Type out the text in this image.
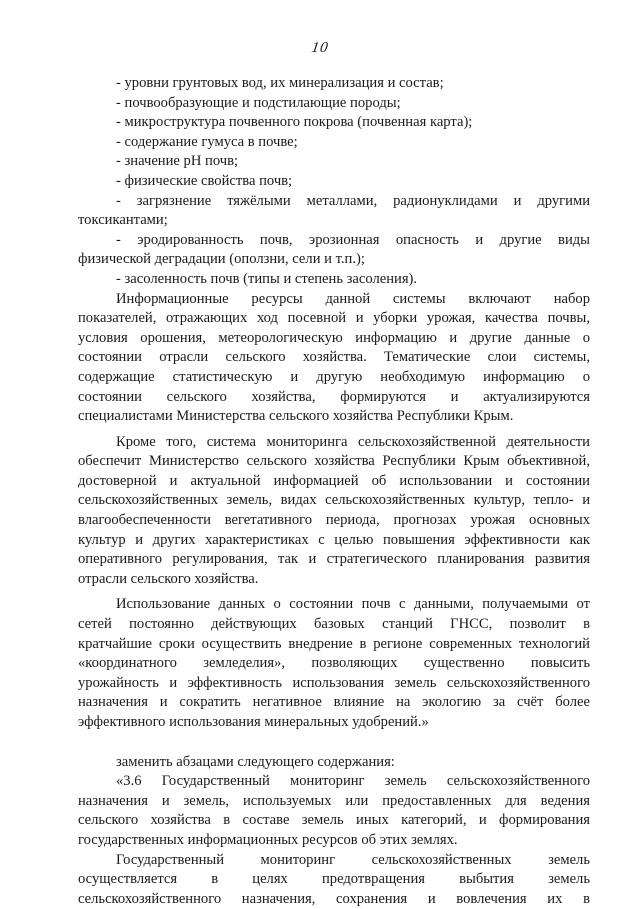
10
- уровни грунтовых вод, их минерализация и состав;
- почвообразующие и подстилающие породы;
- микроструктура почвенного покрова (почвенная карта);
- содержание гумуса в почве;
- значение pH почв;
- физические свойства почв;
- загрязнение тяжёлыми металлами, радионуклидами и другими
токсикантами;
- эродированность почв, эрозионная опасность и другие виды
физической деградации (оползни, сели и т.п.);
- засоленность почв (типы и степень засоления).
Информационные ресурсы данной системы включают набор
показателей, отражающих ход посевной и уборки урожая, качества почвы,
условия орошения, метеорологическую информацию и другие данные о
состоянии отрасли сельского хозяйства. Тематические слои системы,
содержащие статистическую и другую необходимую информацию о
состоянии сельского хозяйства, формируются и актуализируются
специалистами Министерства сельского хозяйства Республики Крым.
Кроме того, система мониторинга сельскохозяйственной деятельности
обеспечит Министерство сельского хозяйства Республики Крым объективной,
достоверной и актуальной информацией об использовании и состоянии
сельскохозяйственных земель, видах сельскохозяйственных культур, тепло- и
влагообеспеченности вегетативного периода, прогнозах урожая основных
культур и других характеристиках с целью повышения эффективности как
оперативного регулирования, так и стратегического планирования развития
отрасли сельского хозяйства.
Использование данных о состоянии почв с данными, получаемыми от
сетей постоянно действующих базовых станций ГНСС, позволит в
кратчайшие сроки осуществить внедрение в регионе современных технологий
«координатного земледелия», позволяющих существенно повысить
урожайность и эффективность использования земель сельскохозяйственного
назначения и сократить негативное влияние на экологию за счёт более
эффективного использования минеральных удобрений.»
заменить абзацами следующего содержания:
«3.6 Государственный мониторинг земель сельскохозяйственного
назначения и земель, используемых или предоставленных для ведения
сельского хозяйства в составе земель иных категорий, и формирования
государственных информационных ресурсов об этих землях.
Государственный мониторинг сельскохозяйственных земель
осуществляется в целях предотвращения выбытия земель
сельскохозяйственного назначения, сохранения и вовлечения их в
